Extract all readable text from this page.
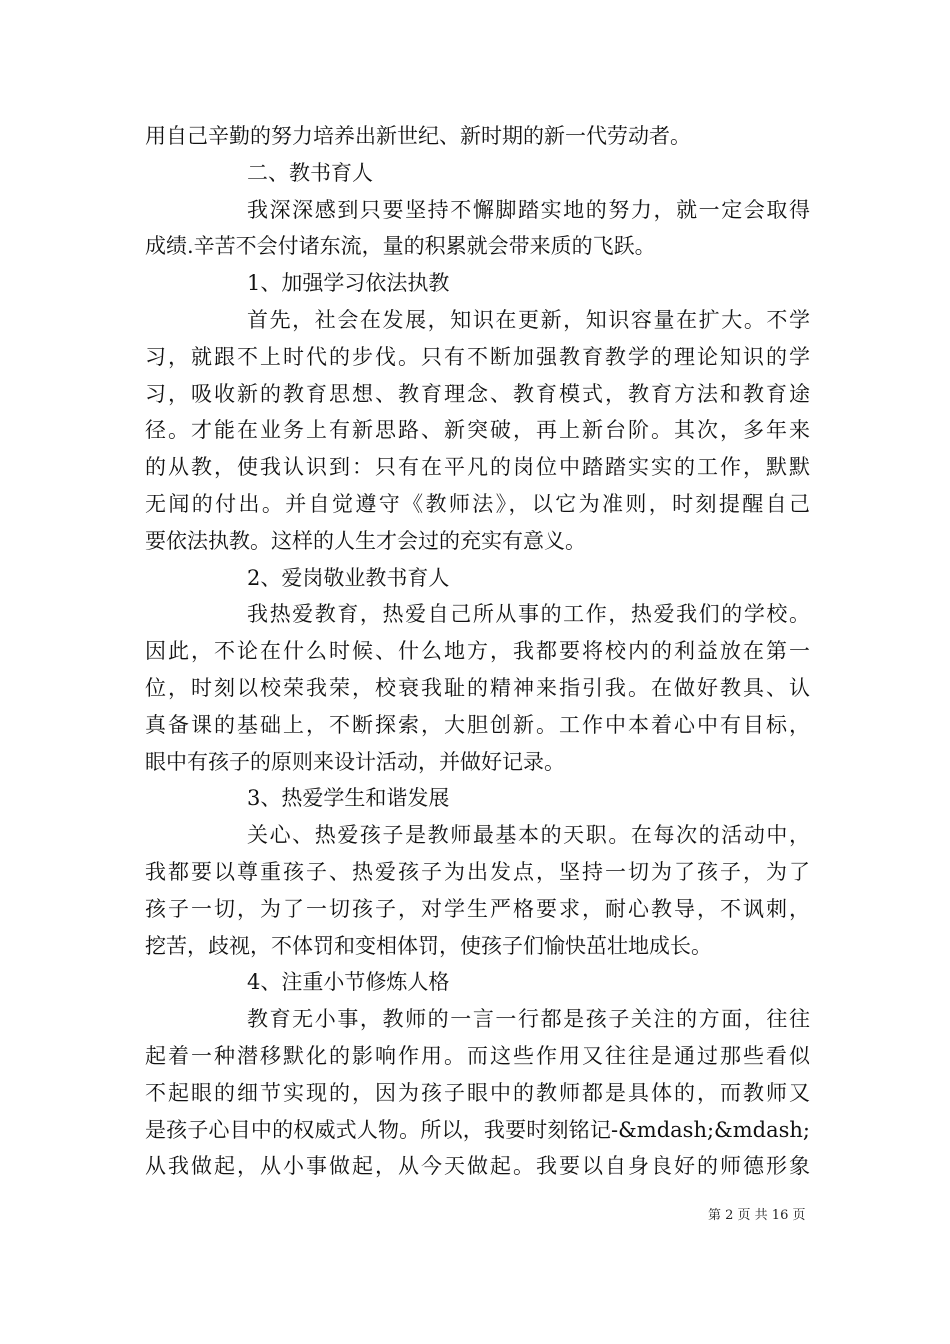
用自己辛勤的努力培养出新世纪、新时期的新一代劳动者。
二、教书育人
我深深感到只要坚持不懈脚踏实地的努力，就一定会取得
成绩.辛苦不会付诸东流，量的积累就会带来质的飞跃。
1、加强学习依法执教
首先，社会在发展，知识在更新，知识容量在扩大。不学
习，就跟不上时代的步伐。只有不断加强教育教学的理论知识的学
习，吸收新的教育思想、教育理念、教育模式，教育方法和教育途
径。才能在业务上有新思路、新突破，再上新台阶。其次，多年来
的从教，使我认识到：只有在平凡的岗位中踏踏实实的工作，默默
无闻的付出。并自觉遵守《教师法》，以它为准则，时刻提醒自己
要依法执教。这样的人生才会过的充实有意义。
2、爱岗敬业教书育人
我热爱教育，热爱自己所从事的工作，热爱我们的学校。
因此，不论在什么时候、什么地方，我都要将校内的利益放在第一
位，时刻以校荣我荣，校衰我耻的精神来指引我。在做好教具、认
真备课的基础上，不断探索，大胆创新。工作中本着心中有目标，
眼中有孩子的原则来设计活动，并做好记录。
3、热爱学生和谐发展
关心、热爱孩子是教师最基本的天职。在每次的活动中，
我都要以尊重孩子、热爱孩子为出发点，坚持一切为了孩子，为了
孩子一切，为了一切孩子，对学生严格要求，耐心教导，不讽刺，
挖苦，歧视，不体罚和变相体罚，使孩子们愉快茁壮地成长。
4、注重小节修炼人格
教育无小事，教师的一言一行都是孩子关注的方面，往往
起着一种潜移默化的影响作用。而这些作用又往往是通过那些看似
不起眼的细节实现的，因为孩子眼中的教师都是具体的，而教师又
是孩子心目中的权威式人物。所以，我要时刻铭记-&mdash;&mdash;
从我做起，从小事做起，从今天做起。我要以自身良好的师德形象
第 2 页 共 16 页
